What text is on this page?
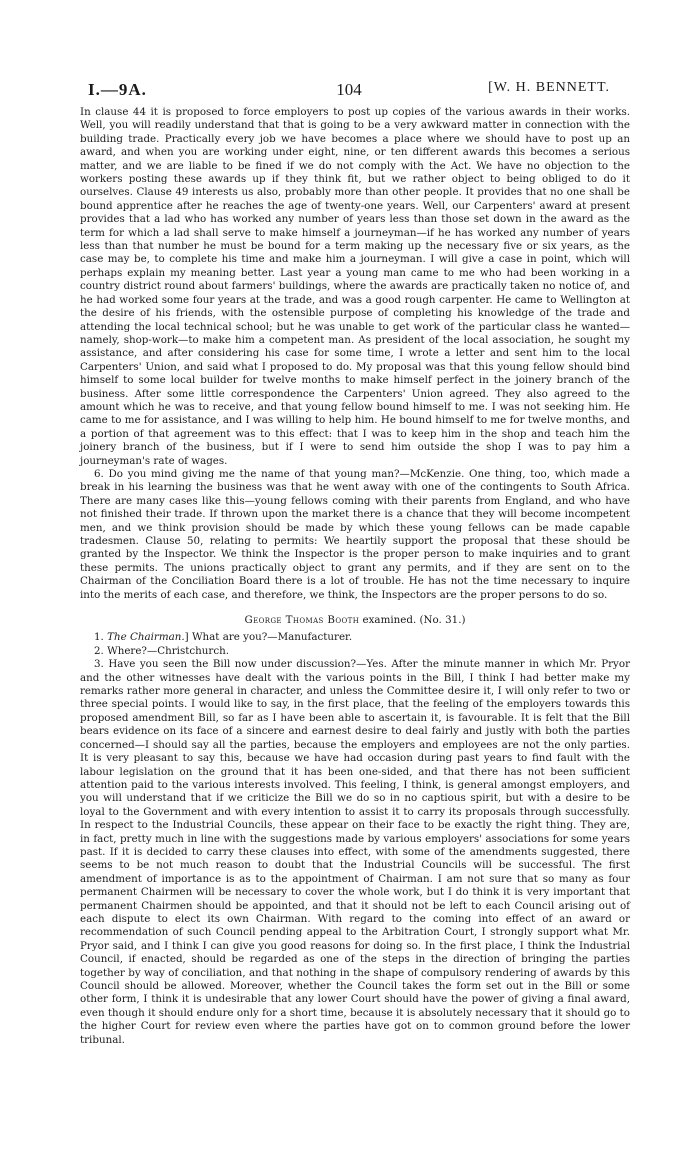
I.—9A.	104	[W. H. BENNETT.

In clause 44 it is proposed to force employers to post up copies of the various awards in their works. Well, you will readily understand that that is going to be a very awkward matter in connection with the building trade. Practically every job we have becomes a place where we should have to post up an award, and when you are working under eight, nine, or ten different awards this becomes a serious matter, and we are liable to be fined if we do not comply with the Act. We have no objection to the workers posting these awards up if they think fit, but we rather object to being obliged to do it ourselves. Clause 49 interests us also, probably more than other people. It provides that no one shall be bound apprentice after he reaches the age of twenty-one years. Well, our Carpenters' award at present provides that a lad who has worked any number of years less than those set down in the award as the term for which a lad shall serve to make himself a journeyman—if he has worked any number of years less than that number he must be bound for a term making up the necessary five or six years, as the case may be, to complete his time and make him a journeyman. I will give a case in point, which will perhaps explain my meaning better. Last year a young man came to me who had been working in a country district round about farmers' buildings, where the awards are practically taken no notice of, and he had worked some four years at the trade, and was a good rough carpenter. He came to Wellington at the desire of his friends, with the ostensible purpose of completing his knowledge of the trade and attending the local technical school; but he was unable to get work of the particular class he wanted—namely, shop-work—to make him a competent man. As president of the local association, he sought my assistance, and after considering his case for some time, I wrote a letter and sent him to the local Carpenters' Union, and said what I proposed to do. My proposal was that this young fellow should bind himself to some local builder for twelve months to make himself perfect in the joinery branch of the business. After some little correspondence the Carpenters' Union agreed. They also agreed to the amount which he was to receive, and that young fellow bound himself to me. I was not seeking him. He came to me for assistance, and I was willing to help him. He bound himself to me for twelve months, and a portion of that agreement was to this effect: that I was to keep him in the shop and teach him the joinery branch of the business, but if I were to send him outside the shop I was to pay him a journeyman's rate of wages.

6. Do you mind giving me the name of that young man?—McKenzie. One thing, too, which made a break in his learning the business was that he went away with one of the contingents to South Africa. There are many cases like this—young fellows coming with their parents from England, and who have not finished their trade. If thrown upon the market there is a chance that they will become incompetent men, and we think provision should be made by which these young fellows can be made capable tradesmen. Clause 50, relating to permits: We heartily support the proposal that these should be granted by the Inspector. We think the Inspector is the proper person to make inquiries and to grant these permits. The unions practically object to grant any permits, and if they are sent on to the Chairman of the Conciliation Board there is a lot of trouble. He has not the time necessary to inquire into the merits of each case, and therefore, we think, the Inspectors are the proper persons to do so.

George Thomas Booth examined. (No. 31.)

1. The Chairman.] What are you?—Manufacturer.

2. Where?—Christchurch.

3. Have you seen the Bill now under discussion?—Yes. After the minute manner in which Mr. Pryor and the other witnesses have dealt with the various points in the Bill, I think I had better make my remarks rather more general in character, and unless the Committee desire it, I will only refer to two or three special points. I would like to say, in the first place, that the feeling of the employers towards this proposed amendment Bill, so far as I have been able to ascertain it, is favourable. It is felt that the Bill bears evidence on its face of a sincere and earnest desire to deal fairly and justly with both the parties concerned—I should say all the parties, because the employers and employees are not the only parties. It is very pleasant to say this, because we have had occasion during past years to find fault with the labour legislation on the ground that it has been one-sided, and that there has not been sufficient attention paid to the various interests involved. This feeling, I think, is general amongst employers, and you will understand that if we criticize the Bill we do so in no captious spirit, but with a desire to be loyal to the Government and with every intention to assist it to carry its proposals through successfully. In respect to the Industrial Councils, these appear on their face to be exactly the right thing. They are, in fact, pretty much in line with the suggestions made by various employers' associations for some years past. If it is decided to carry these clauses into effect, with some of the amendments suggested, there seems to be not much reason to doubt that the Industrial Councils will be successful. The first amendment of importance is as to the appointment of Chairman. I am not sure that so many as four permanent Chairmen will be necessary to cover the whole work, but I do think it is very important that permanent Chairmen should be appointed, and that it should not be left to each Council arising out of each dispute to elect its own Chairman. With regard to the coming into effect of an award or recommendation of such Council pending appeal to the Arbitration Court, I strongly support what Mr. Pryor said, and I think I can give you good reasons for doing so. In the first place, I think the Industrial Council, if enacted, should be regarded as one of the steps in the direction of bringing the parties together by way of conciliation, and that nothing in the shape of compulsory rendering of awards by this Council should be allowed. Moreover, whether the Council takes the form set out in the Bill or some other form, I think it is undesirable that any lower Court should have the power of giving a final award, even though it should endure only for a short time, because it is absolutely necessary that it should go to the higher Court for review even where the parties have got on to common ground before the lower tribunal.
